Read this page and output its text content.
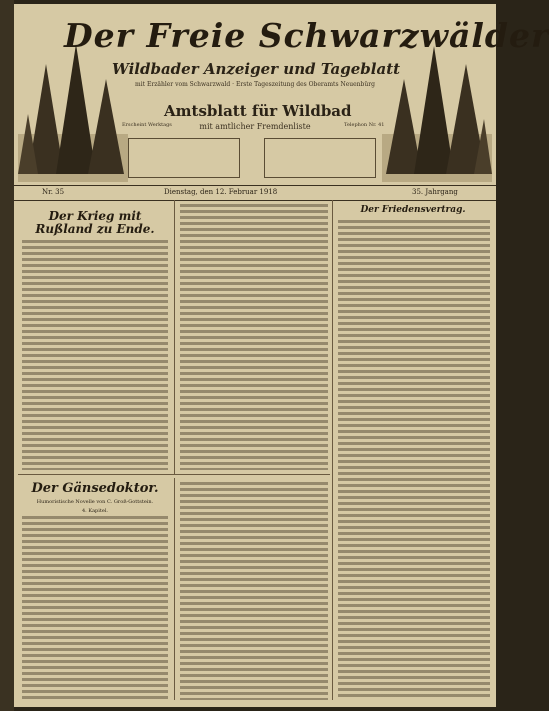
Der Freie Schwarzwälder
Wildbader Anzeiger und Tageblatt
mit Erzähler vom Schwarzwald · Erste Tageszeitung des Oberamts Neuenbürg
Amtsblatt für Wildbad
mit amtlicher Fremdenliste
Erscheint Werktags	Telephon Nr. 41
Nr. 35	Dienstag, den 12. Februar 1918	35. Jahrgang
Der Krieg mit Rußland zu Ende.
Der Friedensvertrag.
Der Gänsedoktor.
Humoristische Novelle von C. Groß-Gottstein.
4. Kapitel.
